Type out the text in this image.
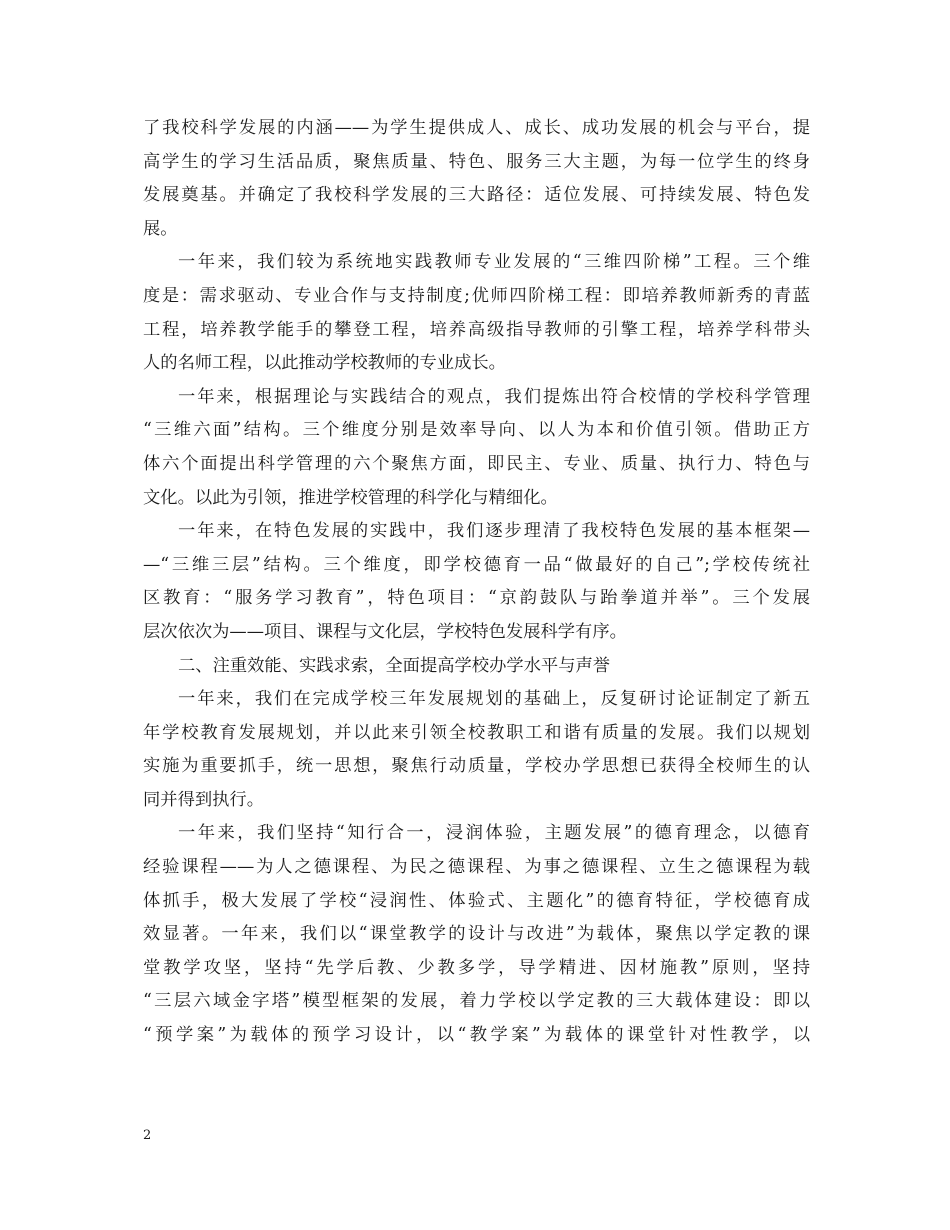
了我校科学发展的内涵——为学生提供成人、成长、成功发展的机会与平台，提
高学生的学习生活品质，聚焦质量、特色、服务三大主题，为每一位学生的终身
发展奠基。并确定了我校科学发展的三大路径：适位发展、可持续发展、特色发
展。
一年来，我们较为系统地实践教师专业发展的“三维四阶梯”工程。三个维
度是：需求驱动、专业合作与支持制度;优师四阶梯工程：即培养教师新秀的青蓝
工程，培养教学能手的攀登工程，培养高级指导教师的引擎工程，培养学科带头
人的名师工程，以此推动学校教师的专业成长。
一年来，根据理论与实践结合的观点，我们提炼出符合校情的学校科学管理
“三维六面”结构。三个维度分别是效率导向、以人为本和价值引领。借助正方
体六个面提出科学管理的六个聚焦方面，即民主、专业、质量、执行力、特色与
文化。以此为引领，推进学校管理的科学化与精细化。
一年来，在特色发展的实践中，我们逐步理清了我校特色发展的基本框架—
—“三维三层”结构。三个维度，即学校德育一品“做最好的自己”;学校传统社
区教育：“服务学习教育”，特色项目：“京韵鼓队与跆拳道并举”。三个发展
层次依次为——项目、课程与文化层，学校特色发展科学有序。
二、注重效能、实践求索，全面提高学校办学水平与声誉
一年来，我们在完成学校三年发展规划的基础上，反复研讨论证制定了新五
年学校教育发展规划，并以此来引领全校教职工和谐有质量的发展。我们以规划
实施为重要抓手，统一思想，聚焦行动质量，学校办学思想已获得全校师生的认
同并得到执行。
一年来，我们坚持“知行合一，浸润体验，主题发展”的德育理念，以德育
经验课程——为人之德课程、为民之德课程、为事之德课程、立生之德课程为载
体抓手，极大发展了学校“浸润性、体验式、主题化”的德育特征，学校德育成
效显著。一年来，我们以“课堂教学的设计与改进”为载体，聚焦以学定教的课
堂教学攻坚，坚持“先学后教、少教多学，导学精进、因材施教”原则，坚持
“三层六域金字塔”模型框架的发展，着力学校以学定教的三大载体建设：即以
“预学案”为载体的预学习设计，以“教学案”为载体的课堂针对性教学，以
2
